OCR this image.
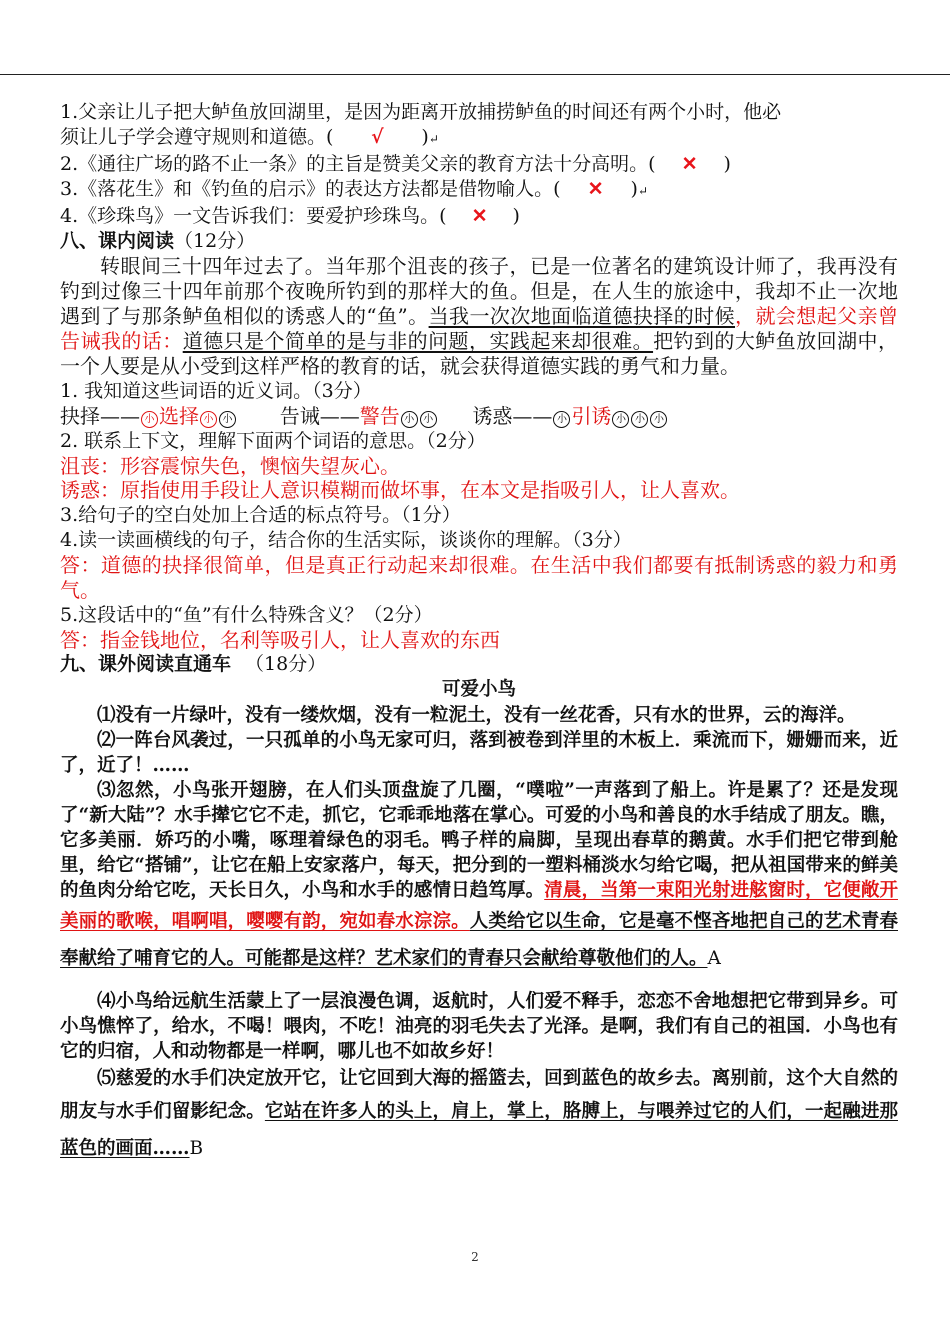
1.父亲让儿子把大鲈鱼放回湖里，是因为距离开放捕捞鲈鱼的时间还有两个小时，他必
须让儿子学会遵守规则和道德。( √ )↵
2.《通往广场的路不止一条》的主旨是赞美父亲的教育方法十分高明。( ✕ )
3.《落花生》和《钓鱼的启示》的表达方法都是借物喻人。( ✕ )↵
4.《珍珠鸟》一文告诉我们：要爱护珍珠鸟。( ✕ )
八、课内阅读（12分）
转眼间三十四年过去了。当年那个沮丧的孩子，已是一位著名的建筑设计师了，我再没有钓到过像三十四年前那个夜晚所钓到的那样大的鱼。但是，在人生的旅途中，我却不止一次地遇到了与那条鲈鱼相似的诱惑人的“鱼”。当我一次次地面临道德抉择的时候，就会想起父亲曾告诫我的话：道德只是个简单的是与非的问题，实践起来却很难。把钓到的大鲈鱼放回湖中，一个人要是从小受到这样严格的教育的话，就会获得道德实践的勇气和力量。
1. 我知道这些词语的近义词。（3分）
抉择—— 小 选择 小 小 告诫——警告 小 小 诱惑—— 小 引诱 小 小 小
2. 联系上下文，理解下面两个词语的意思。（2分）
沮丧：形容震惊失色，懊恼失望灰心。
诱惑：原指使用手段让人意识模糊而做坏事，在本文是指吸引人，让人喜欢。
3.给句子的空白处加上合适的标点符号。（1分）
4.读一读画横线的句子，结合你的生活实际，谈谈你的理解。（3分）
答：道德的抉择很简单，但是真正行动起来却很难。在生活中我们都要有抵制诱惑的毅力和勇气。
5.这段话中的“鱼”有什么特殊含义？（2分）
答：指金钱地位，名利等吸引人，让人喜欢的东西
九、课外阅读直通车 （18分）
可爱小鸟

⑴没有一片绿叶，没有一缕炊烟，没有一粒泥土，没有一丝花香，只有水的世界，云的海洋。

⑵一阵台风袭过，一只孤单的小鸟无家可归，落到被卷到洋里的木板上．乘流而下，姗姗而来，近了，近了！……

⑶忽然，小鸟张开翅膀，在人们头顶盘旋了几圈，“噗啦”一声落到了船上。许是累了？还是发现了“新大陆”？水手撵它它不走，抓它，它乖乖地落在掌心。可爱的小鸟和善良的水手结成了朋友。瞧，它多美丽．娇巧的小嘴，啄理着绿色的羽毛。鸭子样的扁脚，呈现出春草的鹅黄。水手们把它带到舱里，给它“搭铺”，让它在船上安家落户，每天，把分到的一塑料桶淡水匀给它喝，把从祖国带来的鲜美的鱼肉分给它吃，天长日久，小鸟和水手的感情日趋笃厚。清晨，当第一束阳光射进舷窗时，它便敞开美丽的歌喉，唱啊唱，嘤嘤有韵，宛如春水淙淙。人类给它以生命，它是毫不悭吝地把自己的艺术青春奉献给了哺育它的人。可能都是这样？艺术家们的青春只会献给尊敬他们的人。A

⑷小鸟给远航生活蒙上了一层浪漫色调，返航时，人们爱不释手，恋恋不舍地想把它带到异乡。可小鸟憔悴了，给水，不喝！喂肉，不吃！油亮的羽毛失去了光泽。是啊，我们有自己的祖国．小鸟也有它的归宿，人和动物都是一样啊，哪儿也不如故乡好！

⑸慈爱的水手们决定放开它，让它回到大海的摇篮去，回到蓝色的故乡去。离别前，这个大自然的朋友与水手们留影纪念。它站在许多人的头上，肩上，掌上，胳膊上，与喂养过它的人们，一起融进那蓝色的画面……B

2
